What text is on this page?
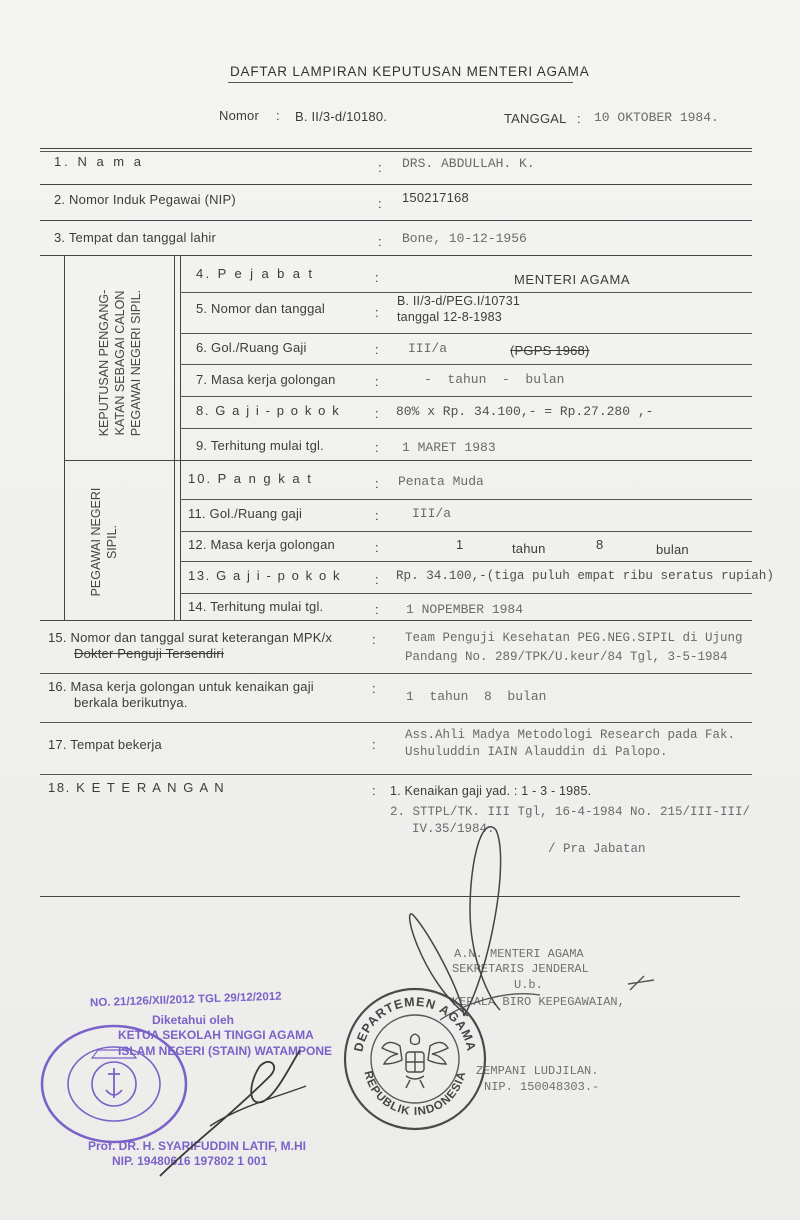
DAFTAR LAMPIRAN KEPUTUSAN MENTERI AGAMA
Nomor : B. II/3-d/10180.	TANGGAL : 10 OKTOBER 1984.
1. N a m a	: DRS. ABDULLAH. K.
2. Nomor Induk Pegawai (NIP)	: 150217168
3. Tempat dan tanggal lahir	: Bone, 10-12-1956
KEPUTUSAN PENGANG- KATAN SEBAGAI CALON PEGAWAI NEGERI SIPIL.
PEGAWAI NEGERI SIPIL.
4. P e j a b a t	:	MENTERI AGAMA
5. Nomor dan tanggal	:
B. II/3-d/PEG.I/10731
tanggal 12-8-1983
6. Gol./Ruang Gaji	: III/a	(PGPS 1968)
7. Masa kerja golongan	:	-  tahun  -  bulan
8. G a j i - p o k o k	: 80% x Rp. 34.100,- = Rp.27.280 ,-
9. Terhitung mulai tgl.	: 1 MARET 1983
10. P a n g k a t	: Penata Muda
11. Gol./Ruang gaji	:	III/a
12. Masa kerja golongan	:	1	tahun	8	bulan
13. G a j i - p o k o k	: Rp. 34.100,-(tiga puluh empat ribu seratus rupiah)
14. Terhitung mulai tgl.	: 1 NOPEMBER 1984
15. Nomor dan tanggal surat keterangan MPK/x
Dokter Penguji Tersendiri
: Team Penguji Kesehatan PEG.NEG.SIPIL di Ujung
Pandang No. 289/TPK/U.keur/84 Tgl, 3-5-1984
16. Masa kerja golongan untuk kenaikan gaji
berkala berikutnya.
:
1  tahun  8  bulan
17. Tempat bekerja	:
Ass.Ahli Madya Metodologi Research pada Fak.
Ushuluddin IAIN Alauddin di Palopo.
18. K E T E R A N G A N	: 1. Kenaikan gaji yad. : 1 - 3 - 1985.
2. STTPL/TK. III Tgl, 16-4-1984 No. 215/III-III/
IV.35/1984.
/ Pra Jabatan
A.N. MENTERI AGAMA
SEKRETARIS JENDERAL
U.b.
KEPALA BIRO KEPEGAWAIAN,
ZEMPANI LUDJILAN.
NIP. 150048303.-
DEPARTEMEN AGAMA
REPUBLIK INDONESIA
NO. 21/126/XII/2012 TGL 29/12/2012
Diketahui oleh
KETUA SEKOLAH TINGGI AGAMA
ISLAM NEGERI (STAIN) WATAMPONE
Prof. DR. H. SYARIFUDDIN LATIF, M.HI
NIP. 19480616 197802 1 001
